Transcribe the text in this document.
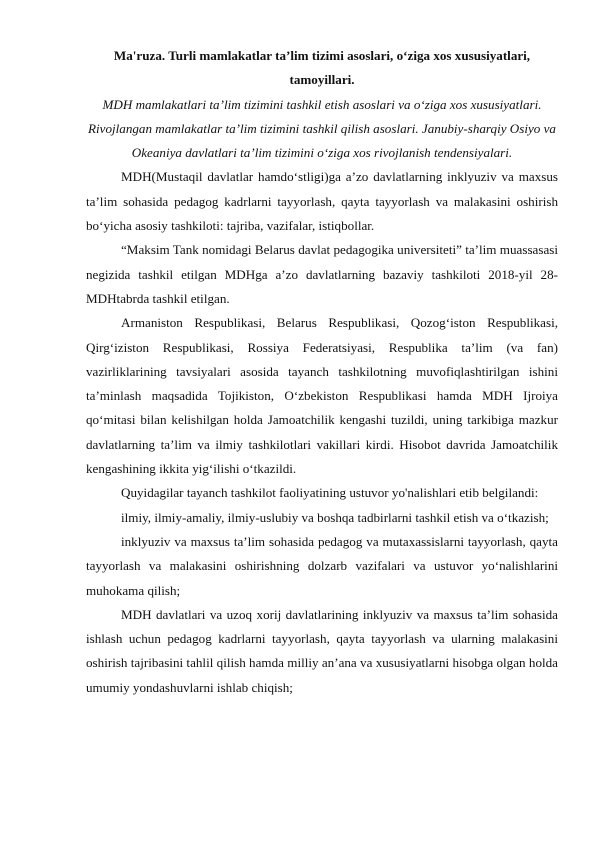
Ma'ruza. Turli mamlakatlar ta’lim tizimi asoslari, o‘ziga xos xususiyatlari, tamoyillari.

MDH mamlakatlari ta’lim tizimini tashkil etish asoslari va o‘ziga xos xususiyatlari. Rivojlangan mamlakatlar ta’lim tizimini tashkil qilish asoslari. Janubiy-sharqiy Osiyo va Okeaniya davlatlari ta’lim tizimini o‘ziga xos rivojlanish tendensiyalari.

MDH(Mustaqil davlatlar hamdo‘stligi)ga a’zo davlatlarning inklyuziv va maxsus ta’lim sohasida pedagog kadrlarni tayyorlash, qayta tayyorlash va malakasini oshirish bo‘yicha asosiy tashkiloti: tajriba, vazifalar, istiqbollar.

“Maksim Tank nomidagi Belarus davlat pedagogika universiteti” ta’lim muassasasi negizida tashkil etilgan MDHga a’zo davlatlarning bazaviy tashkiloti 2018-yil 28-MDHtabrda tashkil etilgan.

Armaniston Respublikasi, Belarus Respublikasi, Qozog‘iston Respublikasi, Qirg‘iziston Respublikasi, Rossiya Federatsiyasi, Respublika ta’lim (va fan) vazirliklarining tavsiyalari asosida tayanch tashkilotning muvofiqlashtirilgan ishini ta’minlash maqsadida Tojikiston, O‘zbekiston Respublikasi hamda MDH Ijroiya qo‘mitasi bilan kelishilgan holda Jamoatchilik kengashi tuzildi, uning tarkibiga mazkur davlatlarning ta’lim va ilmiy tashkilotlari vakillari kirdi. Hisobot davrida Jamoatchilik kengashining ikkita yig‘ilishi o‘tkazildi.

Quyidagilar tayanch tashkilot faoliyatining ustuvor yo'nalishlari etib belgilandi:

ilmiy, ilmiy-amaliy, ilmiy-uslubiy va boshqa tadbirlarni tashkil etish va o‘tkazish;

inklyuziv va maxsus ta’lim sohasida pedagog va mutaxassislarni tayyorlash, qayta tayyorlash va malakasini oshirishning dolzarb vazifalari va ustuvor yo‘nalishlarini muhokama qilish;

MDH davlatlari va uzoq xorij davlatlarining inklyuziv va maxsus ta’lim sohasida ishlash uchun pedagog kadrlarni tayyorlash, qayta tayyorlash va ularning malakasini oshirish tajribasini tahlil qilish hamda milliy an’ana va xususiyatlarni hisobga olgan holda umumiy yondashuvlarni ishlab chiqish;
